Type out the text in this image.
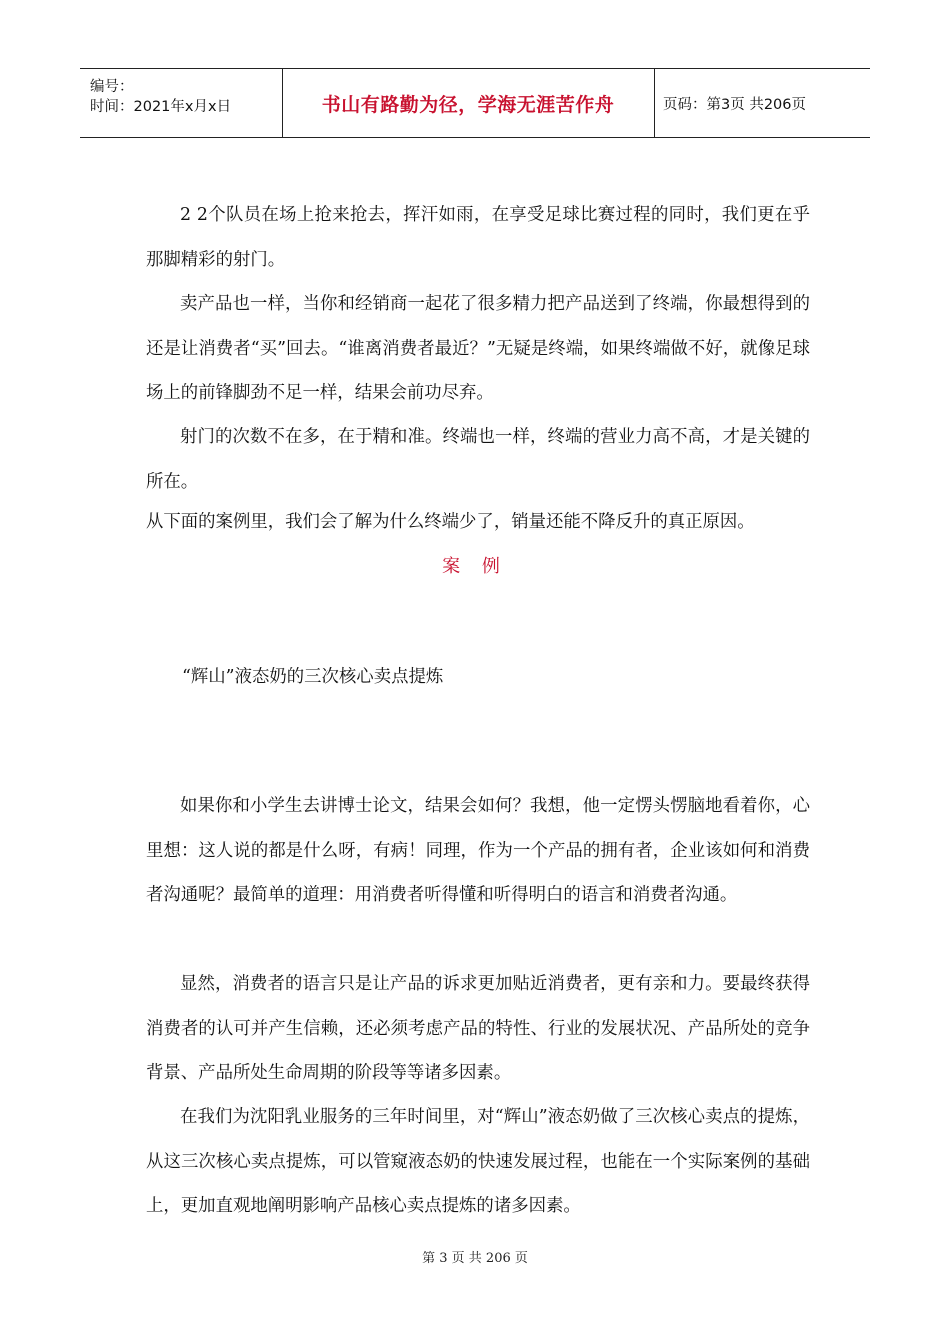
编号：
时间：2021年x月x日	书山有路勤为径，学海无涯苦作舟	页码：第3页 共206页

2 2个队员在场上抢来抢去，挥汗如雨，在享受足球比赛过程的同时，我们更在乎那脚精彩的射门。

卖产品也一样，当你和经销商一起花了很多精力把产品送到了终端，你最想得到的还是让消费者“买”回去。“谁离消费者最近？”无疑是终端，如果终端做不好，就像足球场上的前锋脚劲不足一样，结果会前功尽弃。

射门的次数不在多，在于精和准。终端也一样，终端的营业力高不高，才是关键的所在。

从下面的案例里，我们会了解为什么终端少了，销量还能不降反升的真正原因。

案 例

“辉山”液态奶的三次核心卖点提炼

如果你和小学生去讲博士论文，结果会如何？我想，他一定愣头愣脑地看着你，心里想：这人说的都是什么呀，有病！同理，作为一个产品的拥有者，企业该如何和消费者沟通呢？最简单的道理：用消费者听得懂和听得明白的语言和消费者沟通。

显然，消费者的语言只是让产品的诉求更加贴近消费者，更有亲和力。要最终获得消费者的认可并产生信赖，还必须考虑产品的特性、行业的发展状况、产品所处的竞争背景、产品所处生命周期的阶段等等诸多因素。

在我们为沈阳乳业服务的三年时间里，对“辉山”液态奶做了三次核心卖点的提炼，从这三次核心卖点提炼，可以管窥液态奶的快速发展过程，也能在一个实际案例的基础上，更加直观地阐明影响产品核心卖点提炼的诸多因素。

第 3 页 共 206 页
